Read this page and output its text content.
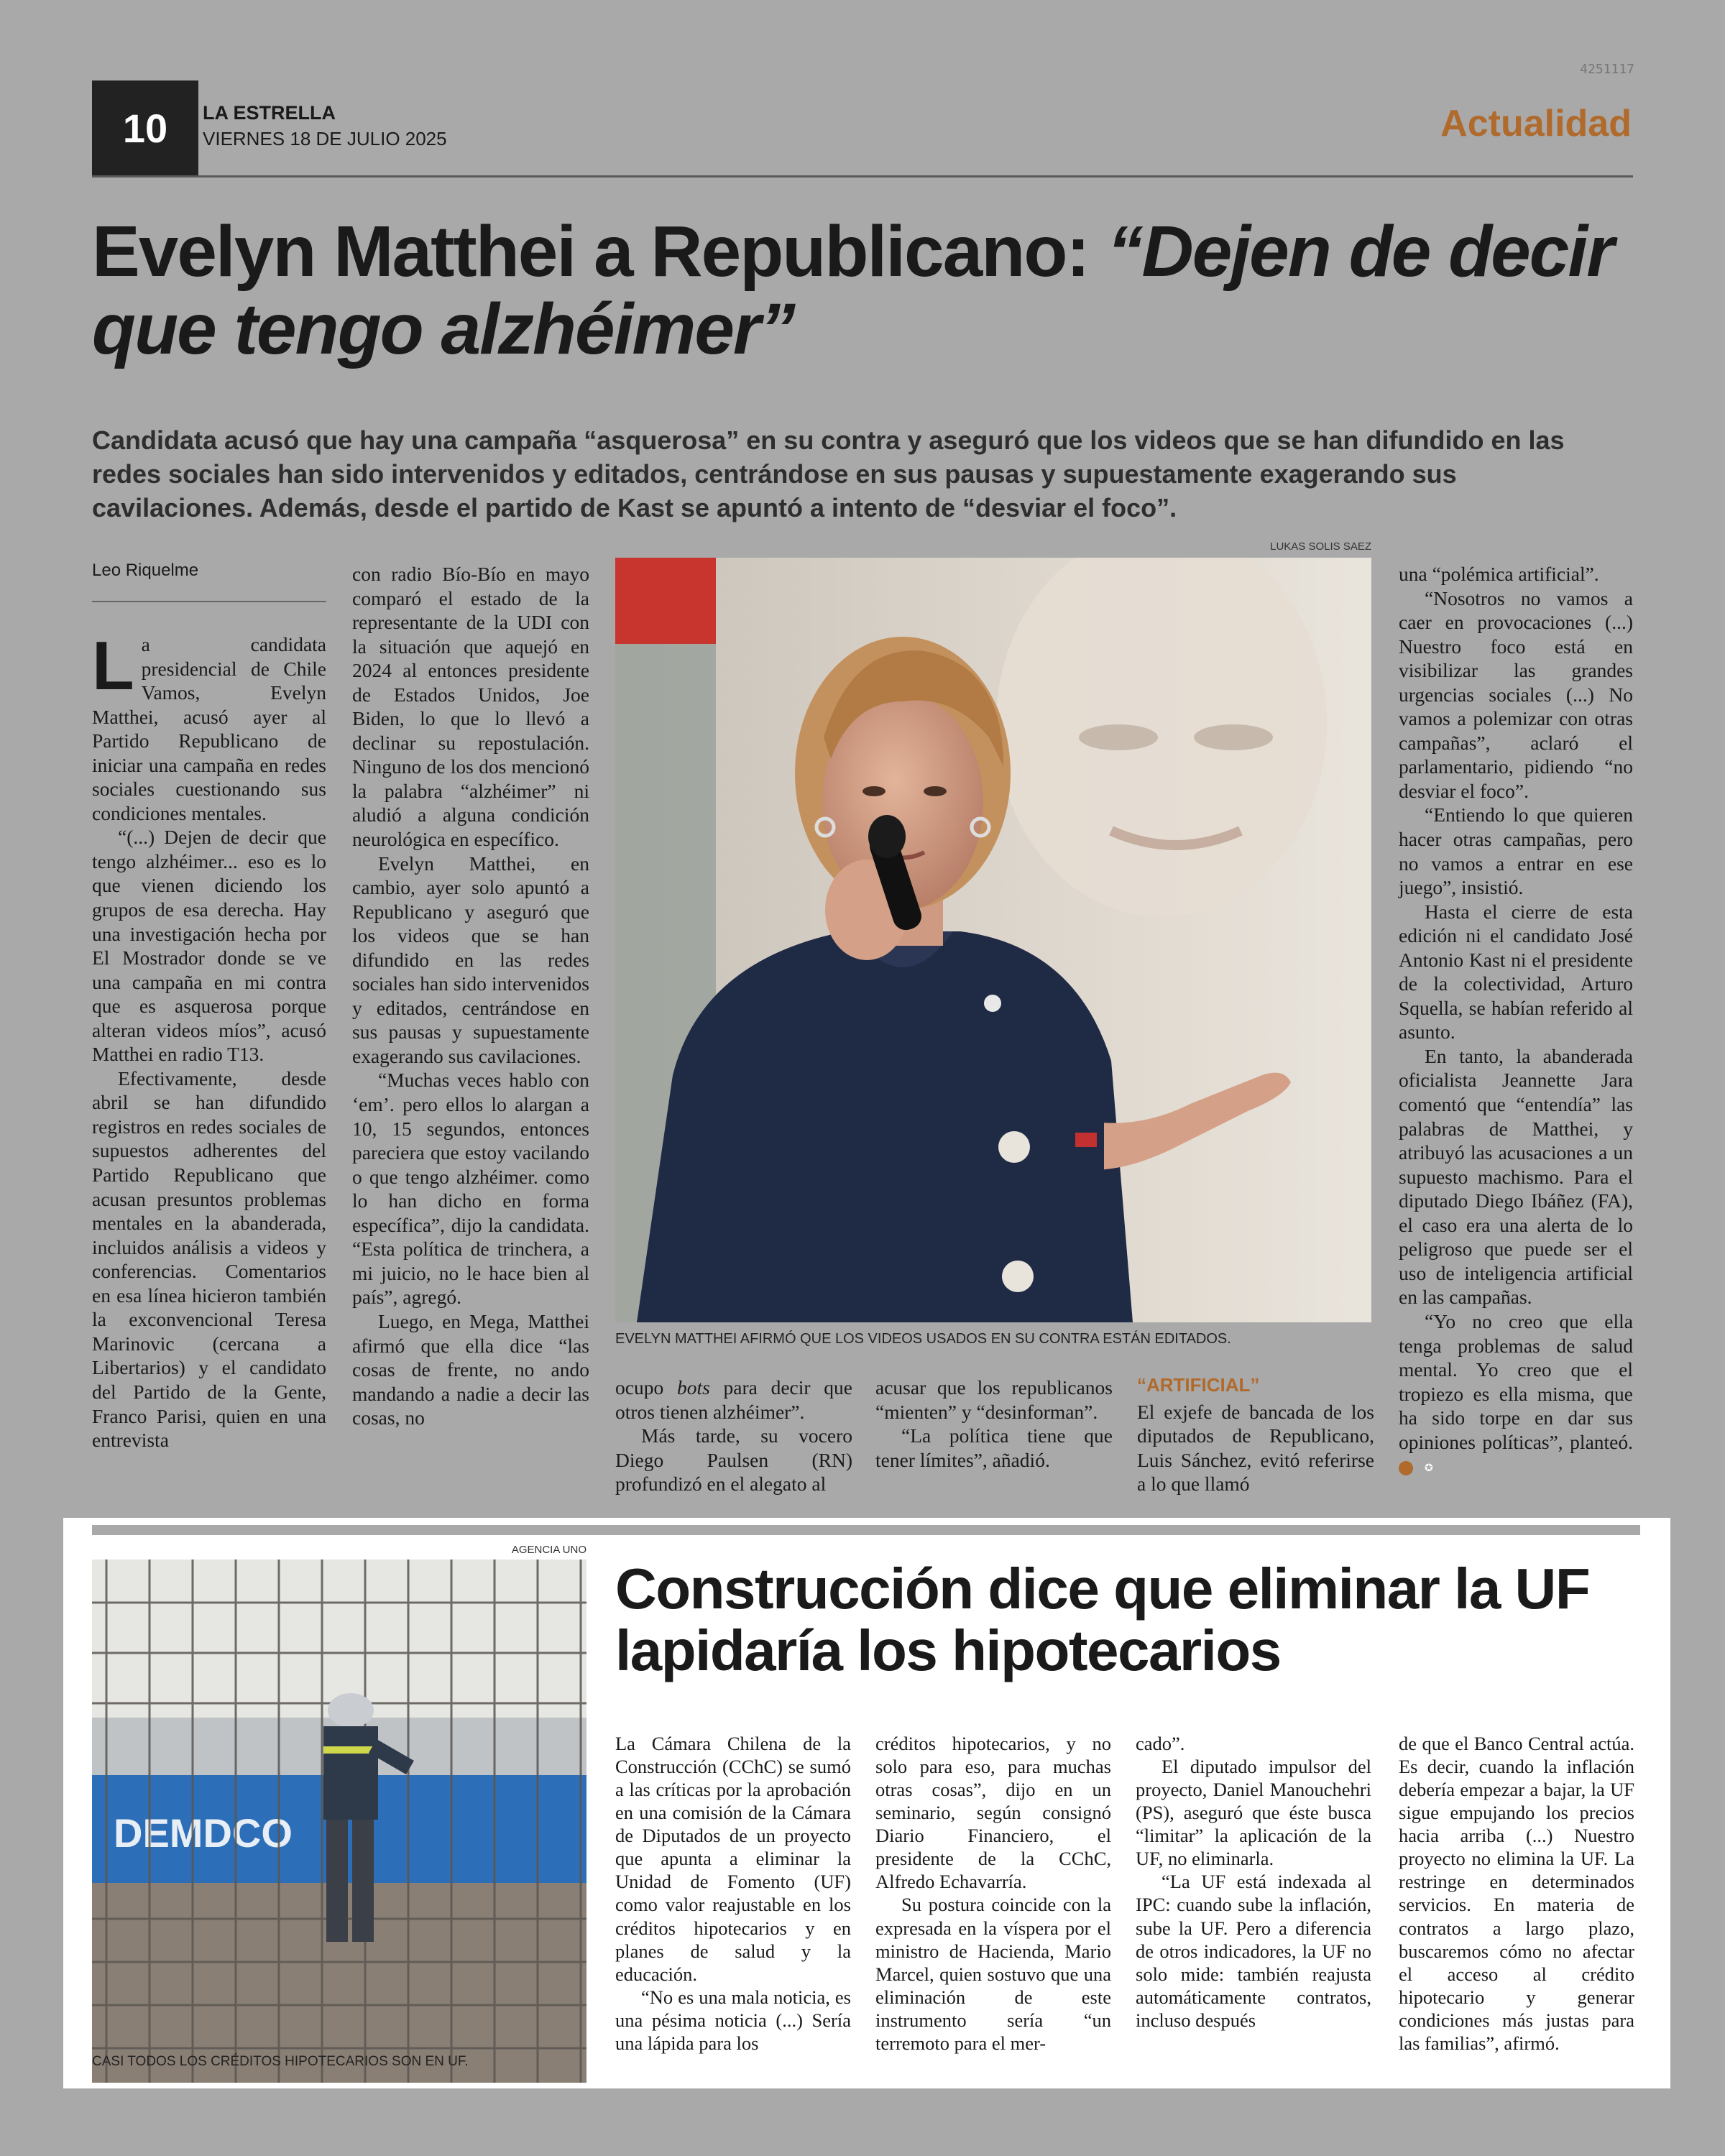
4251117
10	LA ESTRELLA
VIERNES 18 DE JULIO 2025	Actualidad
Evelyn Matthei a Republicano: “Dejen de decir que tengo alzhéimer”

Candidata acusó que hay una campaña “asquerosa” en su contra y aseguró que los videos que se han difundido en las redes sociales han sido intervenidos y editados, centrándose en sus pausas y supuestamente exagerando sus cavilaciones. Además, desde el partido de Kast se apuntó a intento de “desviar el foco”.

Leo Riquelme

La candidata presidencial de Chile Vamos, Evelyn Matthei, acusó ayer al Partido Republicano de iniciar una campaña en redes sociales cuestionando sus condiciones mentales.

“(...) Dejen de decir que tengo alzhéimer... eso es lo que vienen diciendo los grupos de esa derecha. Hay una investigación hecha por El Mostrador donde se ve una campaña en mi contra que es asquerosa porque alteran videos míos”, acusó Matthei en radio T13.

Efectivamente, desde abril se han difundido registros en redes sociales de supuestos adherentes del Partido Republicano que acusan presuntos problemas mentales en la abanderada, incluidos análisis a videos y conferencias. Comentarios en esa línea hicieron también la exconvencional Teresa Marinovic (cercana a Libertarios) y el candidato del Partido de la Gente, Franco Parisi, quien en una entrevista

con radio Bío-Bío en mayo comparó el estado de la representante de la UDI con la situación que aquejó en 2024 al entonces presidente de Estados Unidos, Joe Biden, lo que lo llevó a declinar su repostulación. Ninguno de los dos mencionó la palabra “alzhéimer” ni aludió a alguna condición neurológica en específico.

Evelyn Matthei, en cambio, ayer solo apuntó a Republicano y aseguró que los videos que se han difundido en las redes sociales han sido intervenidos y editados, centrándose en sus pausas y supuestamente exagerando sus cavilaciones.

“Muchas veces hablo con ‘em’. pero ellos lo alargan a 10, 15 segundos, entonces pareciera que estoy vacilando o que tengo alzhéimer. como lo han dicho en forma específica”, dijo la candidata. “Esta política de trinchera, a mi juicio, no le hace bien al país”, agregó.

Luego, en Mega, Matthei afirmó que ella dice “las cosas de frente, no ando mandando a nadie a decir las cosas, no

LUKAS SOLIS SAEZ
EVELYN MATTHEI AFIRMÓ QUE LOS VIDEOS USADOS EN SU CONTRA ESTÁN EDITADOS.

ocupo bots para decir que otros tienen alzhéimer”.

Más tarde, su vocero Diego Paulsen (RN) profundizó en el alegato al

acusar que los republicanos “mienten” y “desinforman”.

“La política tiene que tener límites”, añadió.

“ARTIFICIAL”

El exjefe de bancada de los diputados de Republicano, Luis Sánchez, evitó referirse a lo que llamó

una “polémica artificial”.

“Nosotros no vamos a caer en provocaciones (...) Nuestro foco está en visibilizar las grandes urgencias sociales (...) No vamos a polemizar con otras campañas”, aclaró el parlamentario, pidiendo “no desviar el foco”.

“Entiendo lo que quieren hacer otras campañas, pero no vamos a entrar en ese juego”, insistió.

Hasta el cierre de esta edición ni el candidato José Antonio Kast ni el presidente de la colectividad, Arturo Squella, se habían referido al asunto.

En tanto, la abanderada oficialista Jeannette Jara comentó que “entendía” las palabras de Matthei, y atribuyó las acusaciones a un supuesto machismo. Para el diputado Diego Ibáñez (FA), el caso era una alerta de lo peligroso que puede ser el uso de inteligencia artificial en las campañas.

“Yo no creo que ella tenga problemas de salud mental. Yo creo que el tropiezo es ella misma, que ha sido torpe en dar sus opiniones políticas”, planteó. ✪

AGENCIA UNO
DEMDCO
CASI TODOS LOS CRÉDITOS HIPOTECARIOS SON EN UF.
Construcción dice que eliminar la UF lapidaría los hipotecarios

La Cámara Chilena de la Construcción (CChC) se sumó a las críticas por la aprobación en una comisión de la Cámara de Diputados de un proyecto que apunta a eliminar la Unidad de Fomento (UF) como valor reajustable en los créditos hipotecarios y en planes de salud y la educación.

“No es una mala noticia, es una pésima noticia (...) Sería una lápida para los

créditos hipotecarios, y no solo para eso, para muchas otras cosas”, dijo en un seminario, según consignó Diario Financiero, el presidente de la CChC, Alfredo Echavarría.

Su postura coincide con la expresada en la víspera por el ministro de Hacienda, Mario Marcel, quien sostuvo que una eliminación de este instrumento sería “un terremoto para el mer-

cado”.

El diputado impulsor del proyecto, Daniel Manouchehri (PS), aseguró que éste busca “limitar” la aplicación de la UF, no eliminarla.

“La UF está indexada al IPC: cuando sube la inflación, sube la UF. Pero a diferencia de otros indicadores, la UF no solo mide: también reajusta automáticamente contratos, incluso después

de que el Banco Central actúa. Es decir, cuando la inflación debería empezar a bajar, la UF sigue empujando los precios hacia arriba (...) Nuestro proyecto no elimina la UF. La restringe en determinados servicios. En materia de contratos a largo plazo, buscaremos cómo no afectar el acceso al crédito hipotecario y generar condiciones más justas para las familias”, afirmó.
